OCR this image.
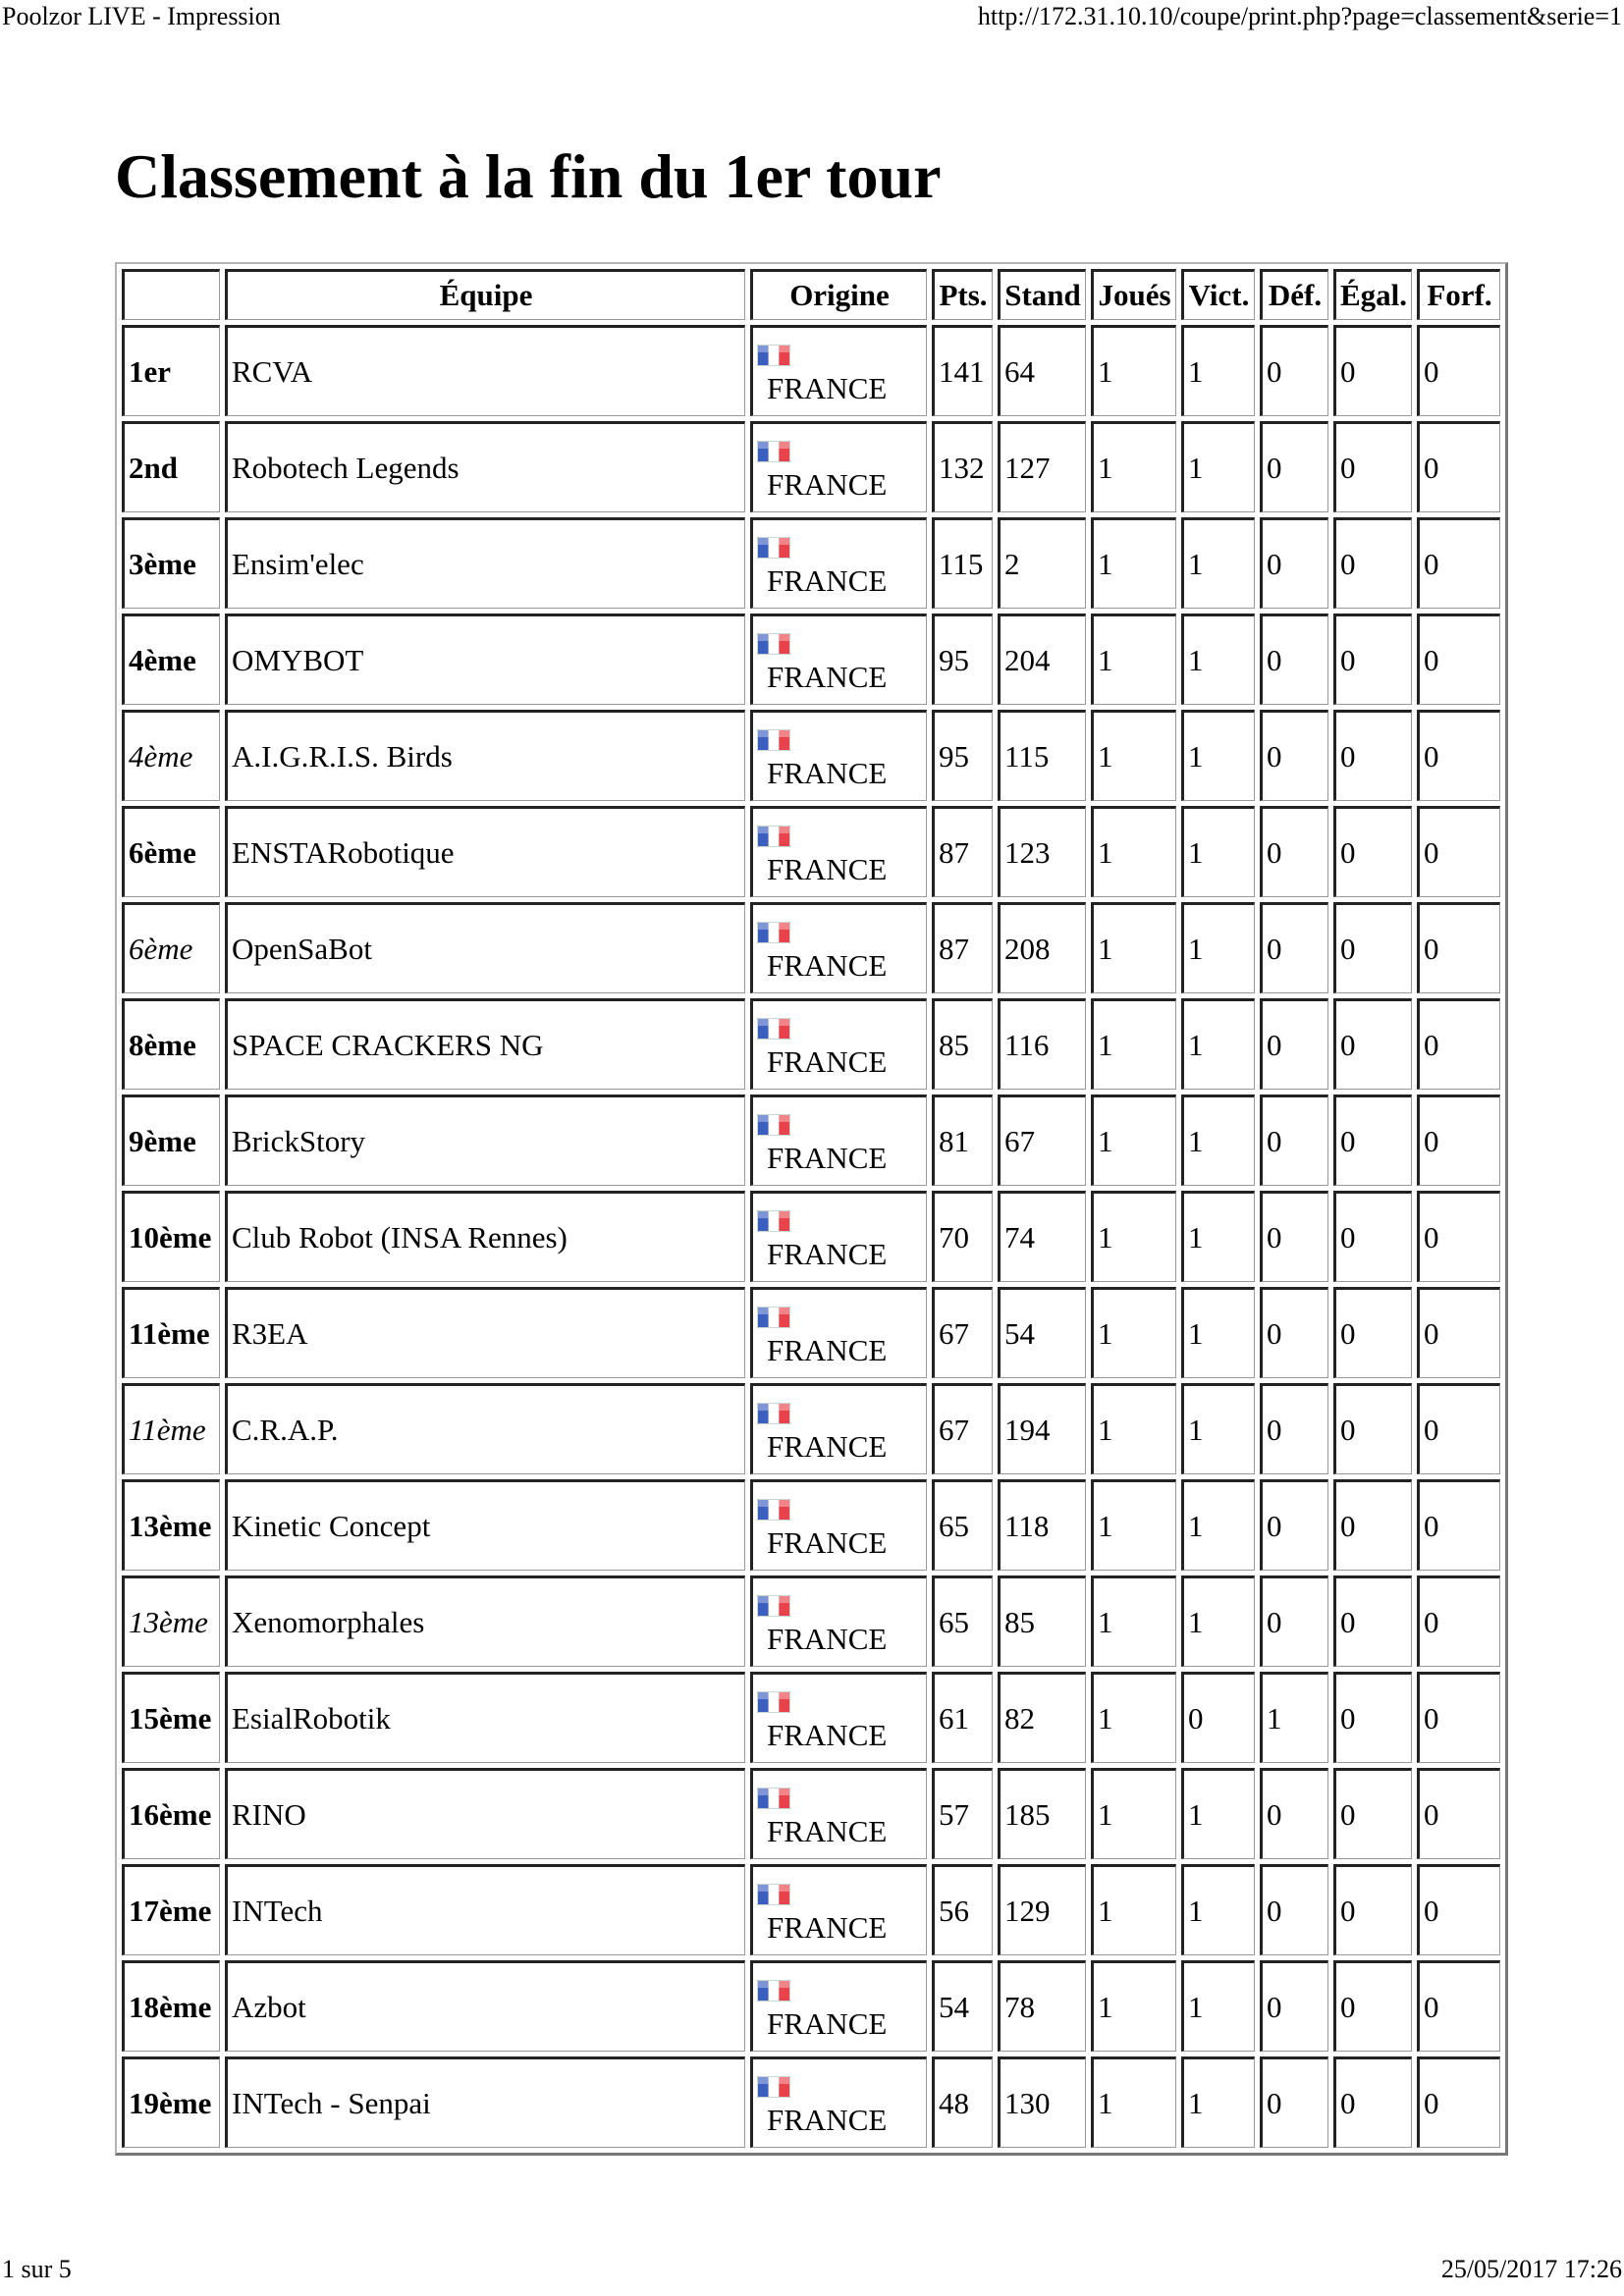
Poolzor LIVE - Impression	http://172.31.10.10/coupe/print.php?page=classement&serie=1
Classement à la fin du 1er tour
	Équipe	Origine	Pts.	Stand	Joués	Vict.	Déf.	Égal.	Forf.
1er	RCVA	FRANCE	141	64	1	1	0	0	0
2nd	Robotech Legends	FRANCE	132	127	1	1	0	0	0
3ème	Ensim'elec	FRANCE	115	2	1	1	0	0	0
4ème	OMYBOT	FRANCE	95	204	1	1	0	0	0
4ème	A.I.G.R.I.S. Birds	FRANCE	95	115	1	1	0	0	0
6ème	ENSTARobotique	FRANCE	87	123	1	1	0	0	0
6ème	OpenSaBot	FRANCE	87	208	1	1	0	0	0
8ème	SPACE CRACKERS NG	FRANCE	85	116	1	1	0	0	0
9ème	BrickStory	FRANCE	81	67	1	1	0	0	0
10ème	Club Robot (INSA Rennes)	FRANCE	70	74	1	1	0	0	0
11ème	R3EA	FRANCE	67	54	1	1	0	0	0
11ème	C.R.A.P.	FRANCE	67	194	1	1	0	0	0
13ème	Kinetic Concept	FRANCE	65	118	1	1	0	0	0
13ème	Xenomorphales	FRANCE	65	85	1	1	0	0	0
15ème	EsialRobotik	FRANCE	61	82	1	0	1	0	0
16ème	RINO	FRANCE	57	185	1	1	0	0	0
17ème	INTech	FRANCE	56	129	1	1	0	0	0
18ème	Azbot	FRANCE	54	78	1	1	0	0	0
19ème	INTech - Senpai	FRANCE	48	130	1	1	0	0	0
1 sur 5	25/05/2017 17:26
